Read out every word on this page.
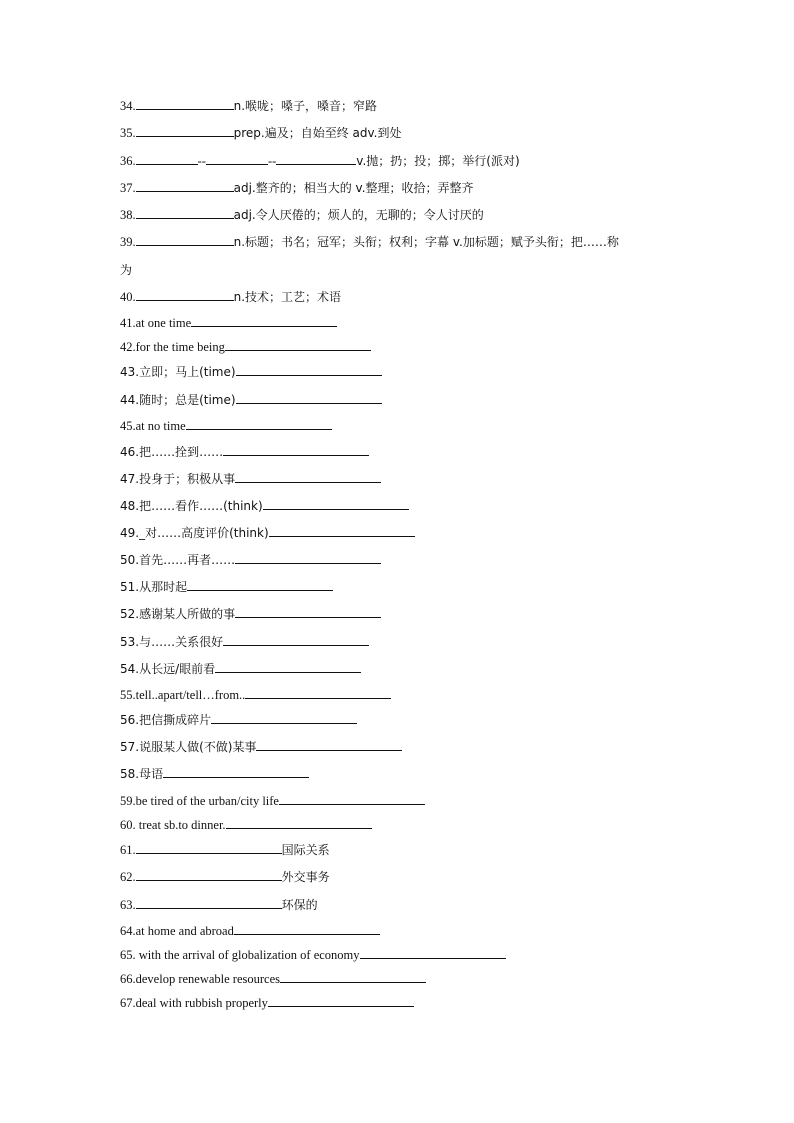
34.	n.喉咙；嗓子，嗓音；窄路
35.	prep.遍及；自始至终 adv.到处
36.	--	--	v.抛；扔；投；掷；举行(派对)
37.	adj.整齐的；相当大的 v.整理；收拾；弄整齐
38.	adj.令人厌倦的；烦人的，无聊的；令人讨厌的
39.	n.标题；书名；冠军；头衔；权利；字幕 v.加标题；赋予头衔；把……称
为
40.	n.技术；工艺；术语
41.at one time
42.for the time being
43.立即；马上(time)
44.随时；总是(time)
45.at no time
46.把……拴到……
47.投身于；积极从事
48.把……看作……(think)
49._对……高度评价(think)
50.首先……再者……
51.从那时起
52.感谢某人所做的事
53.与……关系很好
54.从长远/眼前看
55.tell..apart/tell…from..
56.把信撕成碎片
57.说服某人做(不做)某事
58.母语
59.be tired of the urban/city life
60. treat sb.to dinner.
61.	国际关系
62.	外交事务
63.	环保的
64.at home and abroad
65. with the arrival of globalization of economy
66.develop renewable resources
67.deal with rubbish properly
